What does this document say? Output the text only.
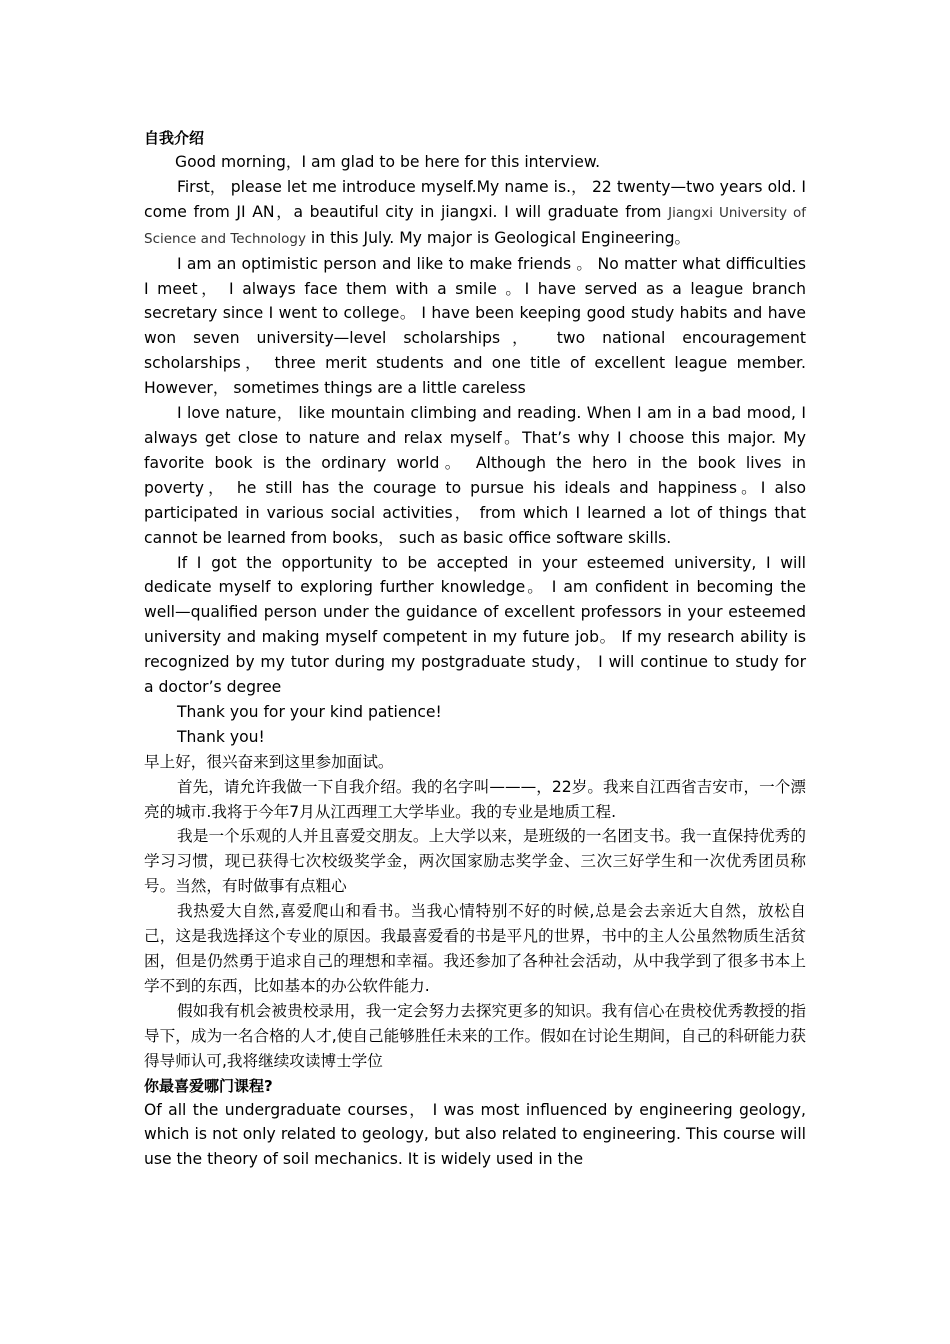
自我介绍

Good morning，I am glad to be here for this interview.

First， please let me introduce myself.My name is.， 22 twenty—two years old. I come from JI AN，a beautiful city in jiangxi. I will graduate from Jiangxi University of Science and Technology in this July. My major is Geological Engineering。

I am an optimistic person and like to make friends 。 No matter what difficulties I meet， I always face them with a smile 。I have served as a league branch secretary since I went to college。 I have been keeping good study habits and have won seven university—level scholarships， two national encouragement scholarships， three merit students and one title of excellent league member. However， sometimes things are a little careless

I love nature， like mountain climbing and reading. When I am in a bad mood, I always get close to nature and relax myself。That’s why I choose this major. My favorite book is the ordinary world。 Although the hero in the book lives in poverty， he still has the courage to pursue his ideals and happiness。I also participated in various social activities， from which I learned a lot of things that cannot be learned from books， such as basic office software skills.

If I got the opportunity to be accepted in your esteemed university, I will dedicate myself to exploring further knowledge。 I am confident in becoming the well—qualified person under the guidance of excellent professors in your esteemed university and making myself competent in my future job。 If my research ability is recognized by my tutor during my postgraduate study， I will continue to study for a doctor’s degree

Thank you for your kind patience!

Thank you!

早上好，很兴奋来到这里参加面试。

首先，请允许我做一下自我介绍。我的名字叫———，22岁。我来自江西省吉安市，一个漂亮的城市.我将于今年7月从江西理工大学毕业。我的专业是地质工程.

我是一个乐观的人并且喜爱交朋友。上大学以来，是班级的一名团支书。我一直保持优秀的学习习惯，现已获得七次校级奖学金，两次国家励志奖学金、三次三好学生和一次优秀团员称号。当然，有时做事有点粗心

我热爱大自然,喜爱爬山和看书。当我心情特别不好的时候,总是会去亲近大自然，放松自己，这是我选择这个专业的原因。我最喜爱看的书是平凡的世界，书中的主人公虽然物质生活贫困，但是仍然勇于追求自己的理想和幸福。我还参加了各种社会活动，从中我学到了很多书本上学不到的东西，比如基本的办公软件能力.

假如我有机会被贵校录用，我一定会努力去探究更多的知识。我有信心在贵校优秀教授的指导下，成为一名合格的人才,使自己能够胜任未来的工作。假如在讨论生期间，自己的科研能力获得导师认可,我将继续攻读博士学位

你最喜爱哪门课程?

Of all the undergraduate courses， I was most influenced by engineering geology, which is not only related to geology, but also related to engineering. This course will use the theory of soil mechanics. It is widely used in the
